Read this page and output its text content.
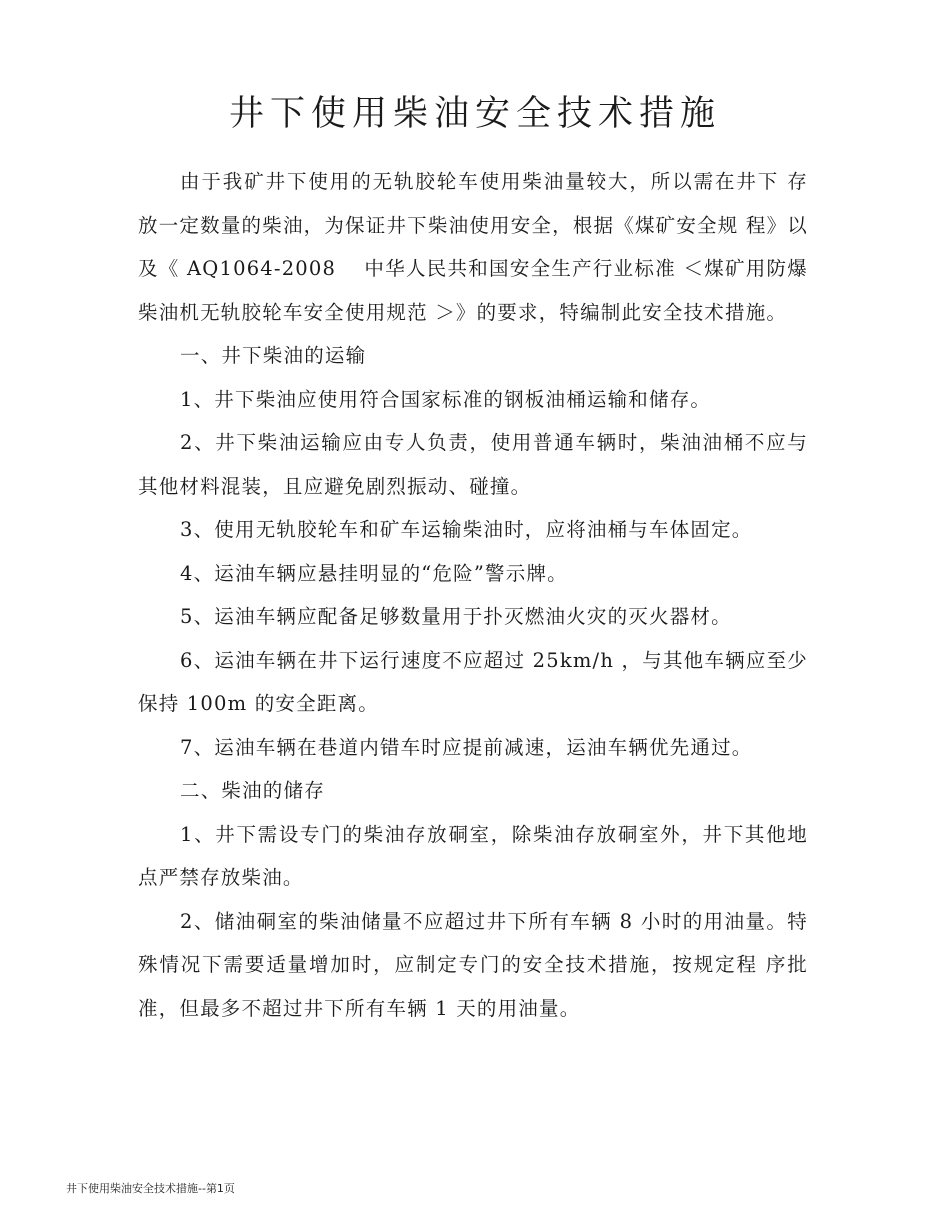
井下使用柴油安全技术措施

由于我矿井下使用的无轨胶轮车使用柴油量较大，所以需在井下 存放一定数量的柴油，为保证井下柴油使用安全，根据《煤矿安全规 程》以及《 AQ1064-2008　 中华人民共和国安全生产行业标准 ＜煤矿用防爆柴油机无轨胶轮车安全使用规范 ＞》的要求，特编制此安全技术措施。

一、井下柴油的运输

1、井下柴油应使用符合国家标准的钢板油桶运输和储存。

2、井下柴油运输应由专人负责，使用普通车辆时，柴油油桶不应与其他材料混装，且应避免剧烈振动、碰撞。

3、使用无轨胶轮车和矿车运输柴油时，应将油桶与车体固定。

4、运油车辆应悬挂明显的“危险”警示牌。

5、运油车辆应配备足够数量用于扑灭燃油火灾的灭火器材。

6、运油车辆在井下运行速度不应超过 25km/h ，与其他车辆应至少 保持 100m 的安全距离。

7、运油车辆在巷道内错车时应提前减速，运油车辆优先通过。

二、柴油的储存

1、井下需设专门的柴油存放硐室，除柴油存放硐室外，井下其他地点严禁存放柴油。

2、储油硐室的柴油储量不应超过井下所有车辆 8 小时的用油量。特殊情况下需要适量增加时，应制定专门的安全技术措施，按规定程 序批准，但最多不超过井下所有车辆 1 天的用油量。

井下使用柴油安全技术措施--第1页
